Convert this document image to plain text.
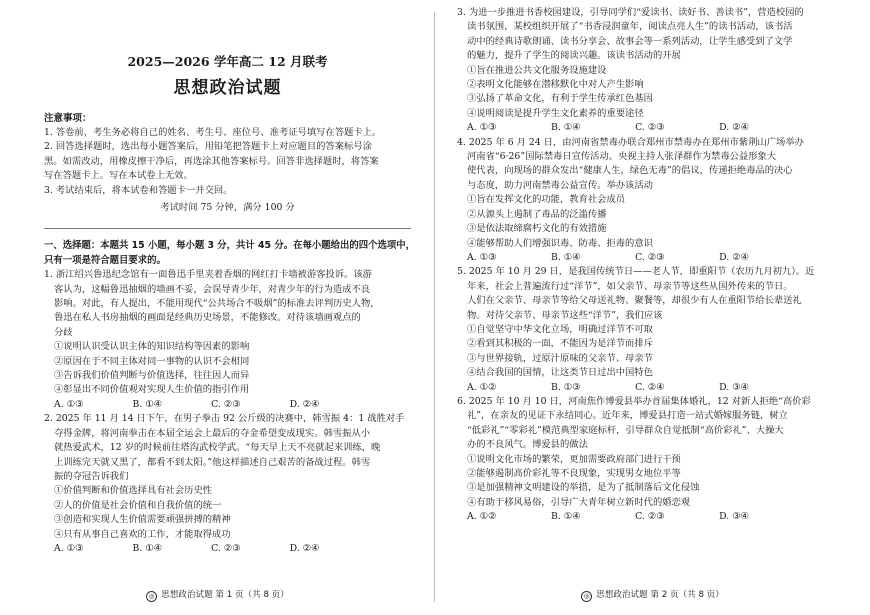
2025—2026 学年高二 12 月联考
思想政治试题
注意事项：
1. 答卷前，考生务必将自己的姓名、考生号、座位号、准考证号填写在答题卡上。
2. 回答选择题时，选出每小题答案后，用铅笔把答题卡上对应题目的答案标号涂
黑。如需改动，用橡皮擦干净后，再选涂其他答案标号。回答非选择题时，将答案
写在答题卡上。写在本试卷上无效。
3. 考试结束后，将本试卷和答题卡一并交回。
考试时间 75 分钟，满分 100 分
一、选择题：本题共 15 小题，每小题 3 分，共计 45 分。在每小题给出的四个选项中，
只有一项是符合题目要求的。
1. 浙江绍兴鲁迅纪念馆有一面鲁迅手里夹着香烟的网红打卡墙被游客投诉。该游
客认为，这幅鲁迅抽烟的墙画不妥，会误导青少年，对青少年的行为造成不良
影响。对此，有人提出，不能用现代“公共场合不吸烟”的标准去评判历史人物，
鲁迅在私人书房抽烟的画面是经典历史场景，不能修改。对待该墙画观点的
分歧
①说明认识受认识主体的知识结构等因素的影响
②原因在于不同主体对同一事物的认识不会相同
③告诉我们价值判断与价值选择，往往因人而异
④彰显出不同价值观对实现人生价值的指引作用
A. ①③	B. ①④	C. ②③	D. ②④
2. 2025 年 11 月 14 日下午，在男子拳击 92 公斤级的决赛中，韩雪振 4：1 战胜对手
夺得金牌，将河南拳击在本届全运会上最后的夺金希望变成现实。韩雪振从小
就热爱武术，12 岁的时候前往塔沟武校学武。“每天早上天不亮就起来训练，晚
上训练完天就又黑了，都看不到太阳。”他这样描述自己艰苦的备战过程。韩雪
振的夺冠告诉我们
①价值判断和价值选择具有社会历史性
②人的价值是社会价值和自我价值的统一
③创造和实现人生价值需要顽强拼搏的精神
④只有从事自己喜欢的工作，才能取得成功
A. ①③	B. ①④	C. ②③	D. ②④
◎ 思想政治试题 第 1 页（共 8 页）
3. 为进一步推进书香校园建设，引导同学们“爱读书、读好书、善读书”，营造校园的
读书氛围，某校组织开展了“书香浸润童年，阅读点亮人生”的读书活动，该书活
动中的经典诗歌朗诵、读书分享会、故事会等一系列活动，让学生感受到了文学
的魅力，提升了学生的阅读兴趣。该读书活动的开展
①旨在推进公共文化服务设施建设
②表明文化能够在潜移默化中对人产生影响
③弘扬了革命文化，有利于学生传承红色基因
④说明阅读是提升学生文化素养的重要途径
A. ①③	B. ①④	C. ②③	D. ②④
4. 2025 年 6 月 24 日，由河南省禁毒办联合郑州市禁毒办在郑州市紫荆山广场举办
河南省“6·26”国际禁毒日宣传活动。央视主持人张泽群作为禁毒公益形象大
使代表，向现场的群众发出“健康人生，绿色无毒”的倡议，传递拒绝毒品的决心
与态度，助力河南禁毒公益宣传。举办该活动
①旨在发挥文化的功能，教育社会成员
②从源头上遏制了毒品的泛滥传播
③是依法取缔腐朽文化的有效措施
④能够帮助人们增强识毒、防毒、拒毒的意识
A. ①③	B. ①④	C. ②③	D. ②④
5. 2025 年 10 月 29 日，是我国传统节日——老人节，即重阳节（农历九月初九）。近
年来，社会上普遍流行过“洋节”，如父亲节、母亲节等这些从国外传来的节日。
人们在父亲节、母亲节等给父母送礼物、聚餐等，却很少有人在重阳节给长辈送礼
物。对待父亲节、母亲节这些“洋节”，我们应该
①自觉坚守中华文化立场，明确过洋节不可取
②看到其积极的一面，不能因为是洋节而排斥
③与世界接轨，过原汁原味的父亲节、母亲节
④结合我国的国情，让这类节日过出中国特色
A. ①②	B. ①③	C. ②④	D. ③④
6. 2025 年 10 月 10 日，河南焦作博爱县举办首届集体婚礼，12 对新人拒绝“高价彩
礼”，在亲友的见证下永结同心。近年来，博爱县打造一站式婚嫁服务链，树立
“低彩礼”“零彩礼”模范典型家庭标杆，引导群众自觉抵制“高价彩礼”、大操大
办的不良风气。博爱县的做法
①说明文化市场的繁荣，更加需要政府部门进行干预
②能够遏制高价彩礼等不良现象，实现男女地位平等
③是加强精神文明建设的举措，是为了抵制落后文化侵蚀
④有助于移风易俗，引导广大青年树立新时代的婚恋观
A. ①②	B. ①④	C. ②③	D. ③④
◎ 思想政治试题 第 2 页（共 8 页）
